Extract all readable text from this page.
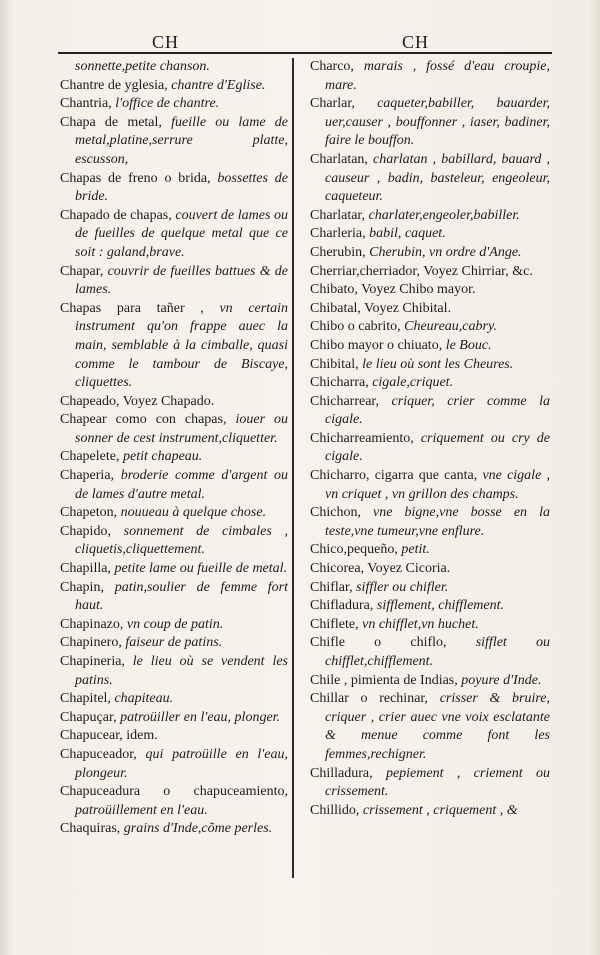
CH	CH
sonnette,petite chanson.
Chantre de yglesia, chantre d'Eglise.
Chantria, l'office de chantre.
Chapa de metal, fueille ou lame de metal,platine,serrure platte, escusson,
Chapas de freno o brida, bossettes de bride.
Chapado de chapas, couvert de lames ou de fueilles de quelque metal que ce soit : galand,brave.
Chapar, couvrir de fueilles battues & de lames.
Chapas para tañer , vn certain instrument qu'on frappe auec la main, semblable à la cimballe, quasi comme le tambour de Biscaye, cliquettes.
Chapeado, Voyez Chapado.
Chapear como con chapas, iouer ou sonner de cest instrument,cliquetter.
Chapelete, petit chapeau.
Chaperia, broderie comme d'argent ou de lames d'autre metal.
Chapeton, nouueau à quelque chose.
Chapido, sonnement de cimbales , cliquetis,cliquettement.
Chapilla, petite lame ou fueille de metal.
Chapin, patin,soulier de femme fort haut.
Chapinazo, vn coup de patin.
Chapinero, faiseur de patins.
Chapineria, le lieu où se vendent les patins.
Chapitel, chapiteau.
Chapuçar, patroüiller en l'eau, plonger.
Chapucear, idem.
Chapuceador, qui patroüille en l'eau, plongeur.
Chapuceadura o chapuceamiento, patroüillement en l'eau.
Chaquiras, grains d'Inde,cõme perles.
Charco, marais , fossé d'eau croupie, mare.
Charlar, caqueter,babiller, bauarder, uer,causer , bouffonner , iaser, badiner, faire le bouffon.
Charlatan, charlatan , babillard, bauard , causeur , badin, basteleur, engeoleur, caqueteur.
Charlatar, charlater,engeoler,babiller.
Charleria, babil, caquet.
Cherubin, Cherubin, vn ordre d'Ange.
Cherriar,cherriador, Voyez Chirriar, &c.
Chibato, Voyez Chibo mayor.
Chibatal, Voyez Chibital.
Chibo o cabrito, Cheureau,cabry.
Chibo mayor o chiuato, le Bouc.
Chibital, le lieu où sont les Cheures.
Chicharra, cigale,criquet.
Chicharrear, criquer, crier comme la cigale.
Chicharreamiento, criquement ou cry de cigale.
Chicharro, cigarra que canta, vne cigale , vn criquet , vn grillon des champs.
Chichon, vne bigne,vne bosse en la teste,vne tumeur,vne enflure.
Chico,pequeño, petit.
Chicorea, Voyez Cicoria.
Chiflar, siffler ou chifler.
Chifladura, sifflement, chifflement.
Chiflete, vn chifflet,vn huchet.
Chifle o chiflo, sifflet ou chifflet,chifflement.
Chile , pimienta de Indias, poyure d'Inde.
Chillar o rechinar, crisser & bruire, criquer , crier auec vne voix esclatante & menue comme font les femmes,rechigner.
Chilladura, pepiement , criement ou crissement.
Chillido, crissement , criquement , &
